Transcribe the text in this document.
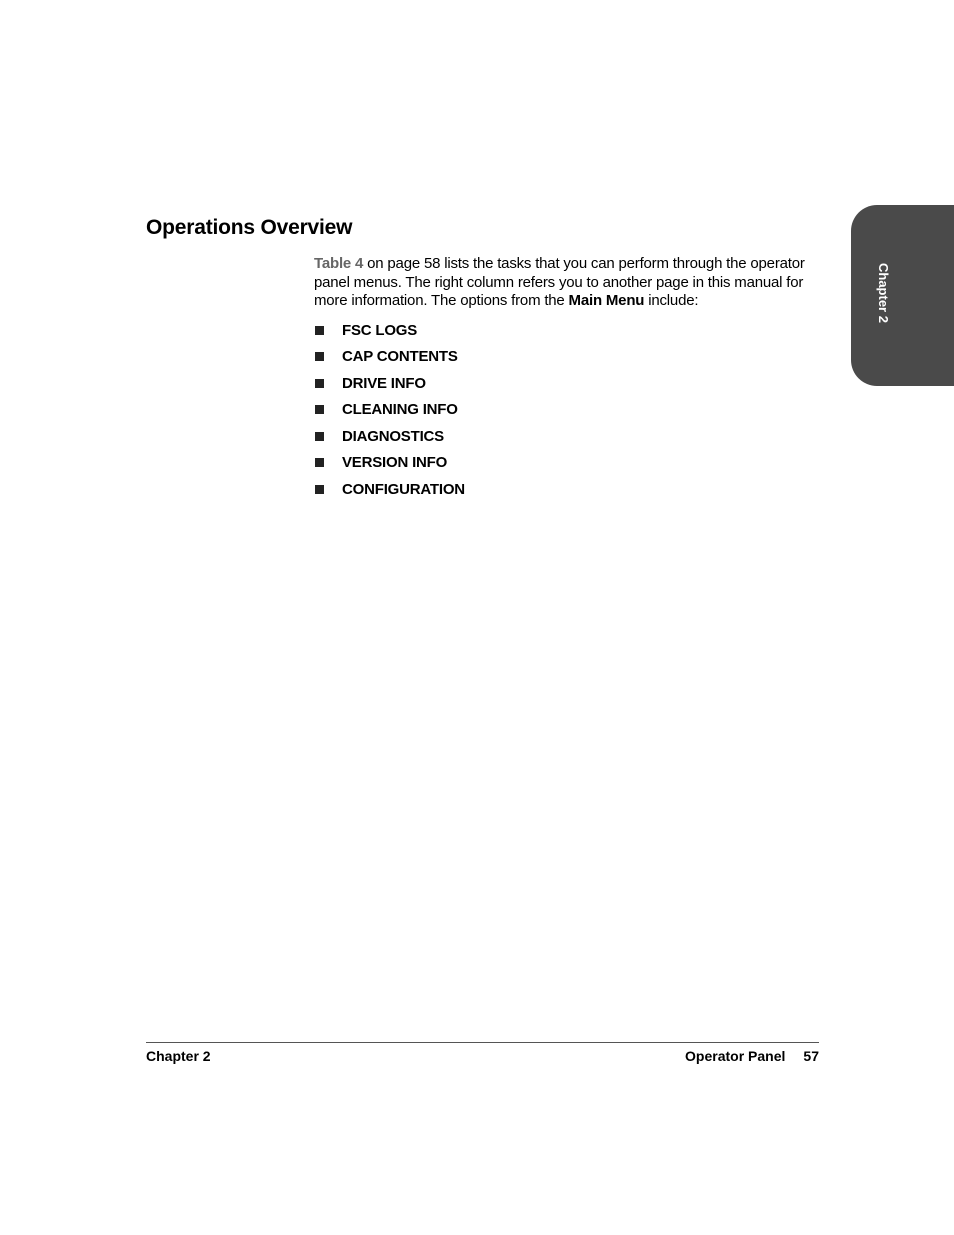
Operations Overview

Table 4 on page 58 lists the tasks that you can perform through the operator panel menus. The right column refers you to another page in this manual for more information. The options from the Main Menu include:

FSC LOGS
CAP CONTENTS
DRIVE INFO
CLEANING INFO
DIAGNOSTICS
VERSION INFO
CONFIGURATION
Chapter 2
Chapter 2	Operator Panel 57
